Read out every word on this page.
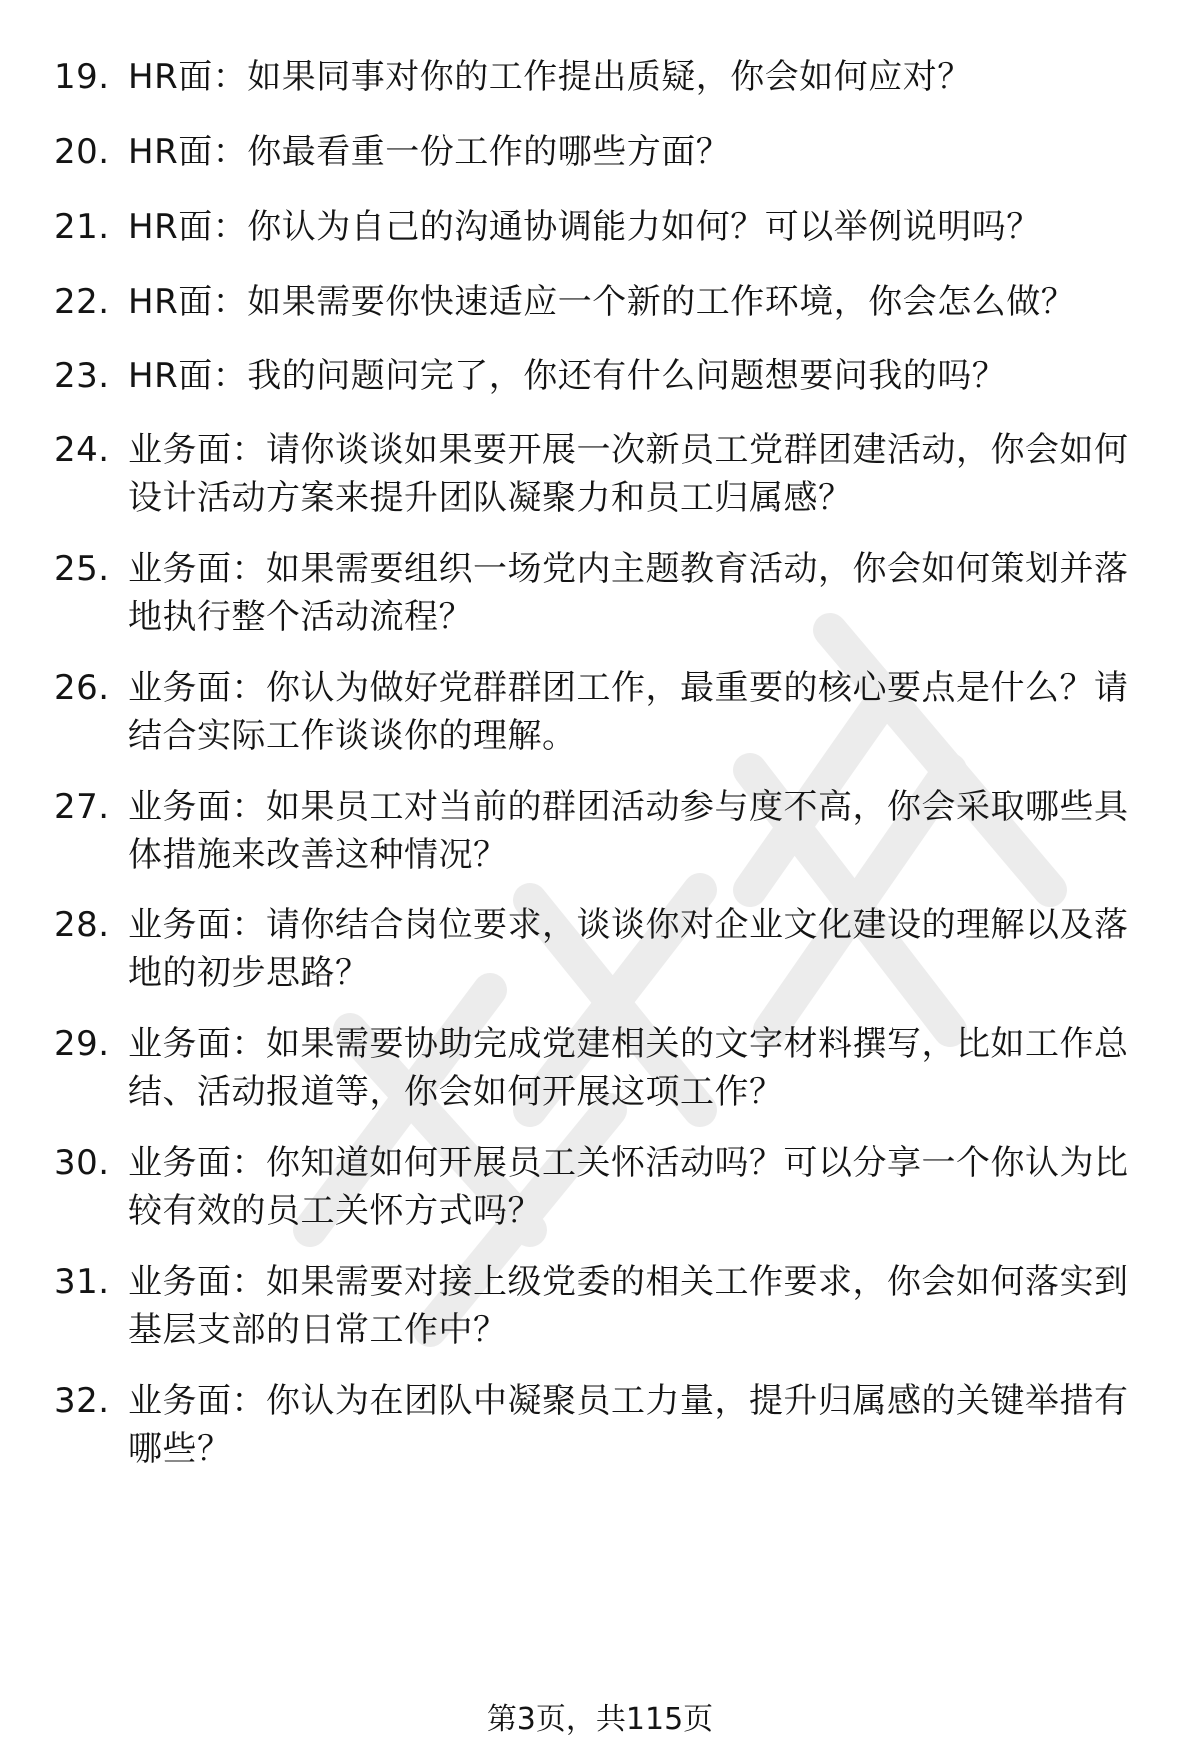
19. HR面：如果同事对你的工作提出质疑，你会如何应对？
20. HR面：你最看重一份工作的哪些方面？
21. HR面：你认为自己的沟通协调能力如何？可以举例说明吗？
22. HR面：如果需要你快速适应一个新的工作环境，你会怎么做？
23. HR面：我的问题问完了，你还有什么问题想要问我的吗？
24. 业务面：请你谈谈如果要开展一次新员工党群团建活动，你会如何设计活动方案来提升团队凝聚力和员工归属感？
25. 业务面：如果需要组织一场党内主题教育活动，你会如何策划并落地执行整个活动流程？
26. 业务面：你认为做好党群群团工作，最重要的核心要点是什么？请结合实际工作谈谈你的理解。
27. 业务面：如果员工对当前的群团活动参与度不高，你会采取哪些具体措施来改善这种情况？
28. 业务面：请你结合岗位要求，谈谈你对企业文化建设的理解以及落地的初步思路？
29. 业务面：如果需要协助完成党建相关的文字材料撰写，比如工作总结、活动报道等，你会如何开展这项工作？
30. 业务面：你知道如何开展员工关怀活动吗？可以分享一个你认为比较有效的员工关怀方式吗？
31. 业务面：如果需要对接上级党委的相关工作要求，你会如何落实到基层支部的日常工作中？
32. 业务面：你认为在团队中凝聚员工力量，提升归属感的关键举措有哪些？
第3页，共115页
